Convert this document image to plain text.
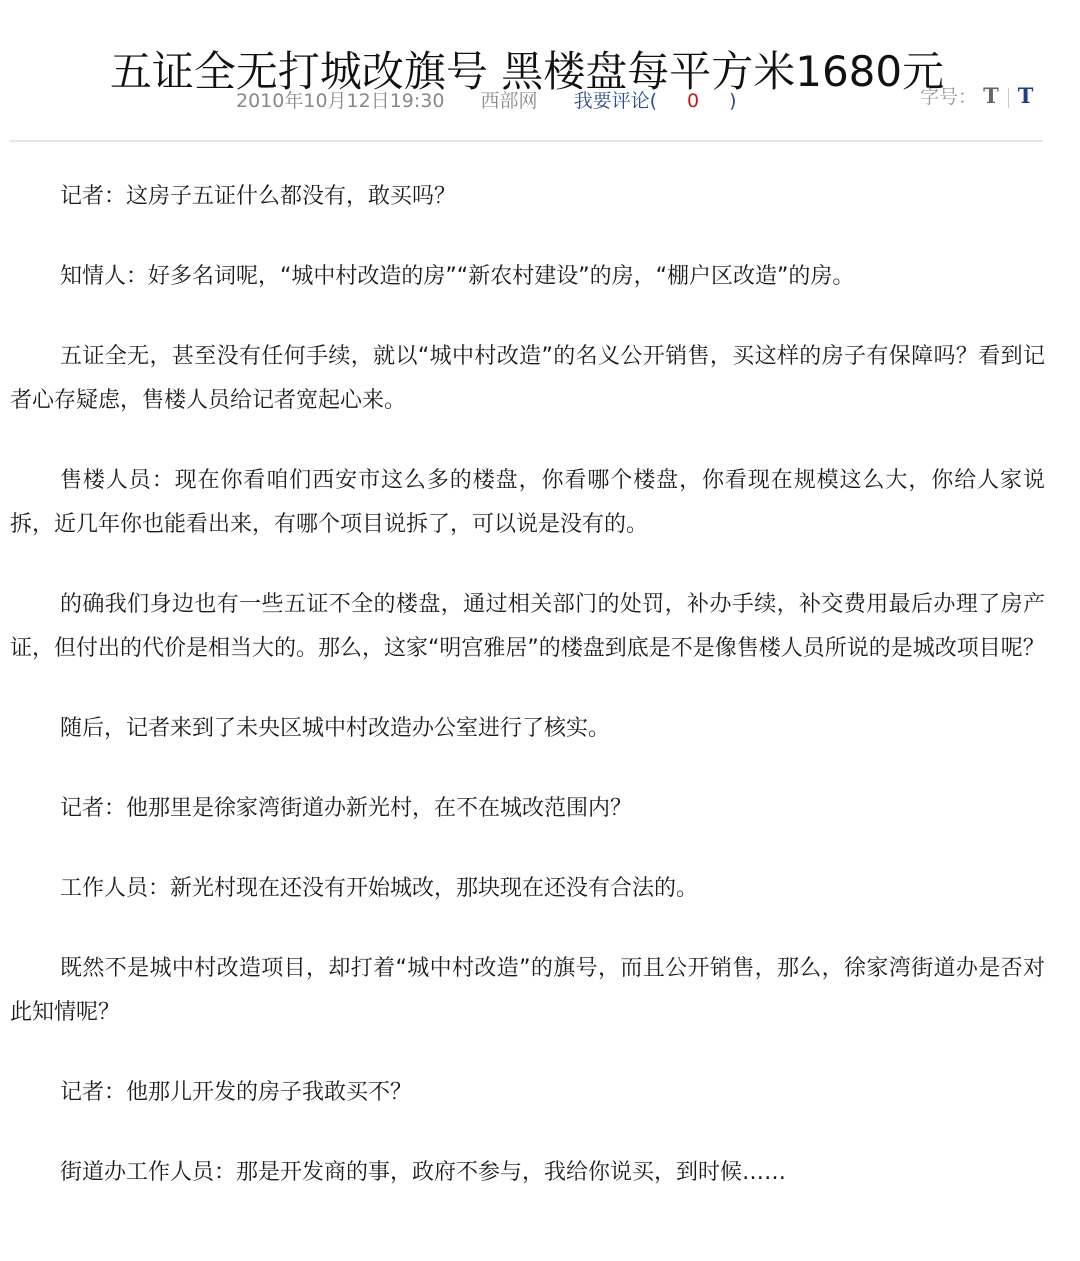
五证全无打城改旗号 黑楼盘每平方米1680元
2010年10月12日19:30 西部网 我要评论( 0 )	字号： T T

记者：这房子五证什么都没有，敢买吗？

知情人：好多名词呢，“城中村改造的房”“新农村建设”的房，“棚户区改造”的房。

五证全无，甚至没有任何手续，就以“城中村改造”的名义公开销售，买这样的房子有保障吗？看到记者心存疑虑，售楼人员给记者宽起心来。

售楼人员：现在你看咱们西安市这么多的楼盘，你看哪个楼盘，你看现在规模这么大，你给人家说拆，近几年你也能看出来，有哪个项目说拆了，可以说是没有的。

的确我们身边也有一些五证不全的楼盘，通过相关部门的处罚，补办手续，补交费用最后办理了房产证，但付出的代价是相当大的。那么，这家“明宫雅居”的楼盘到底是不是像售楼人员所说的是城改项目呢？

随后，记者来到了未央区城中村改造办公室进行了核实。

记者：他那里是徐家湾街道办新光村，在不在城改范围内？

工作人员：新光村现在还没有开始城改，那块现在还没有合法的。

既然不是城中村改造项目，却打着“城中村改造”的旗号，而且公开销售，那么，徐家湾街道办是否对此知情呢？

记者：他那儿开发的房子我敢买不？

街道办工作人员：那是开发商的事，政府不参与，我给你说买，到时候……
